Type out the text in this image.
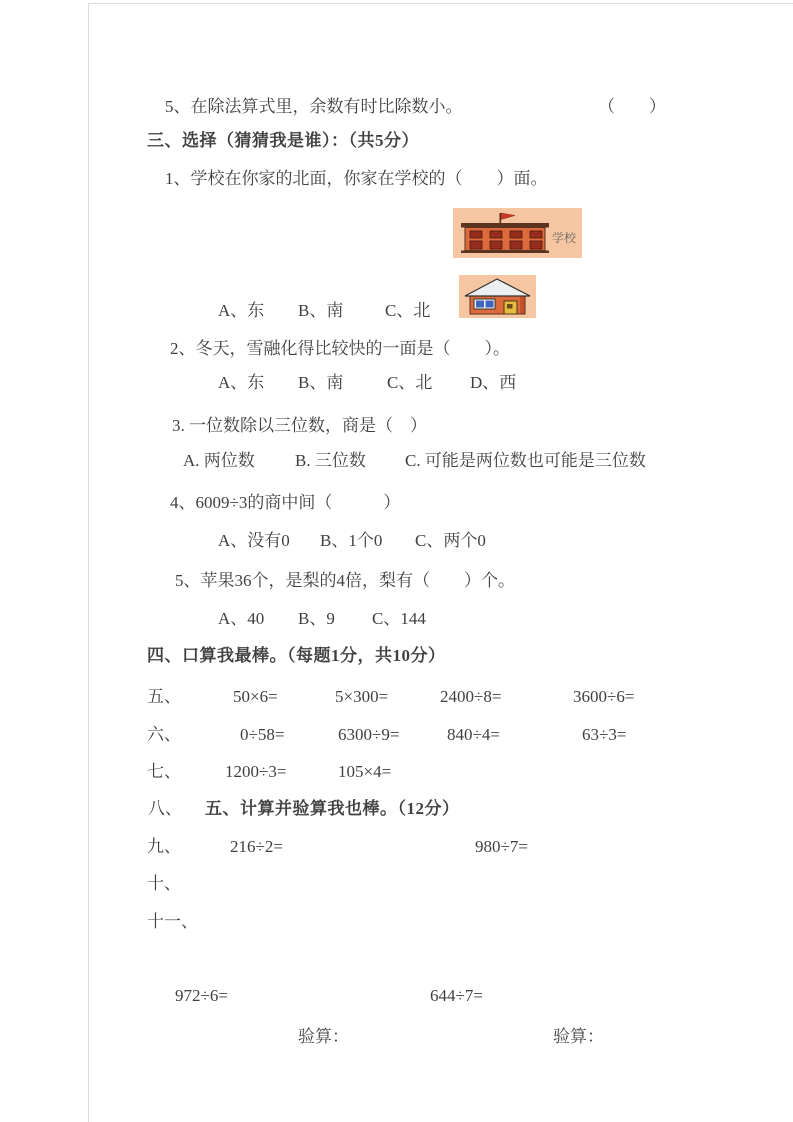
5、在除法算式里，余数有时比除数小。	（　　）
三、选择（猜猜我是谁）：（共5分）
1、学校在你家的北面，你家在学校的（　　）面。
学校
A、东 B、南 C、北
2、冬天，雪融化得比较快的一面是（　　）。
A、东 B、南	C、北 D、西
3. 一位数除以三位数，商是（　）
A. 两位数 B. 三位数 C. 可能是两位数也可能是三位数
4、6009÷3的商中间（　　　）
A、没有0 B、1个0 C、两个0
5、苹果36个，是梨的4倍，梨有（　　）个。
A、40 B、9 C、144
四、口算我最棒。（每题1分，共10分）
五、	50×6=	5×300=	2400÷8=	3600÷6=
六、	0÷58=	6300÷9=	840÷4=	63÷3=
七、	1200÷3=	105×4=
八、 五、计算并验算我也棒。（12分）
九、	216÷2=	980÷7=
十、
十一、
972÷6=	644÷7=
验算：	验算：
